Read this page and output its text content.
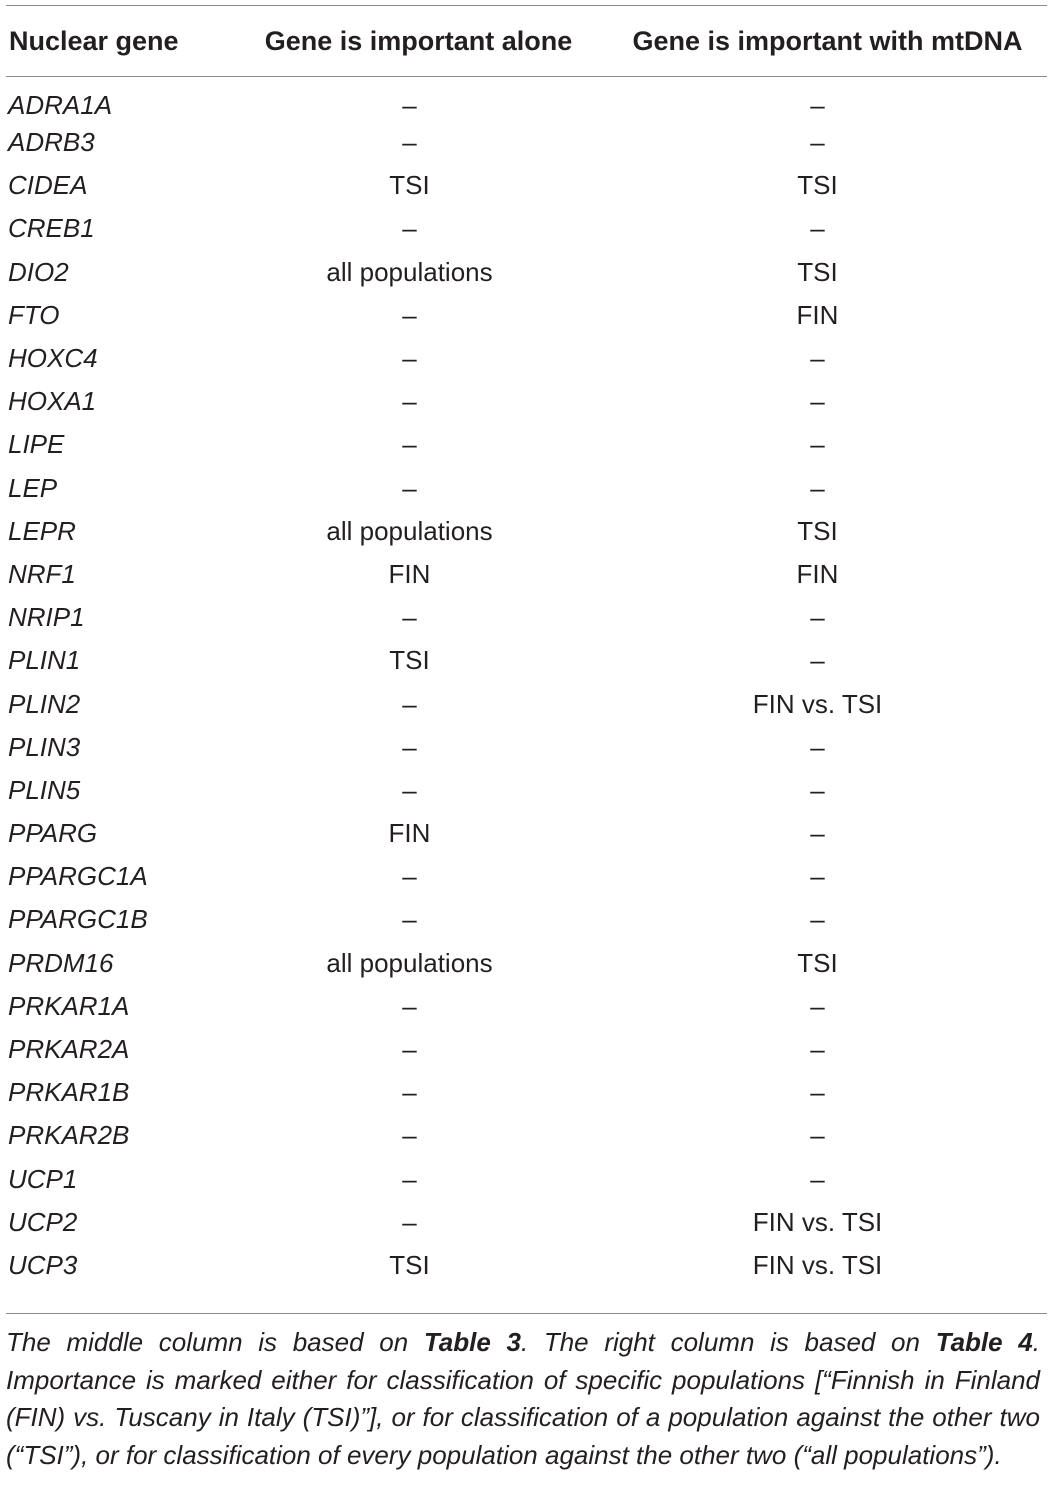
Nuclear gene	Gene is important alone	Gene is important with mtDNA
ADRA1A	–	–
ADRB3	–	–
CIDEA	TSI	TSI
CREB1	–	–
DIO2	all populations	TSI
FTO	–	FIN
HOXC4	–	–
HOXA1	–	–
LIPE	–	–
LEP	–	–
LEPR	all populations	TSI
NRF1	FIN	FIN
NRIP1	–	–
PLIN1	TSI	–
PLIN2	–	FIN vs. TSI
PLIN3	–	–
PLIN5	–	–
PPARG	FIN	–
PPARGC1A	–	–
PPARGC1B	–	–
PRDM16	all populations	TSI
PRKAR1A	–	–
PRKAR2A	–	–
PRKAR1B	–	–
PRKAR2B	–	–
UCP1	–	–
UCP2	–	FIN vs. TSI
UCP3	TSI	FIN vs. TSI
The middle column is based on Table 3. The right column is based on Table 4. Importance is marked either for classification of specific populations [“Finnish in Finland (FIN) vs. Tuscany in Italy (TSI)”], or for classification of a population against the other two (“TSI”), or for classification of every population against the other two (“all populations”).
